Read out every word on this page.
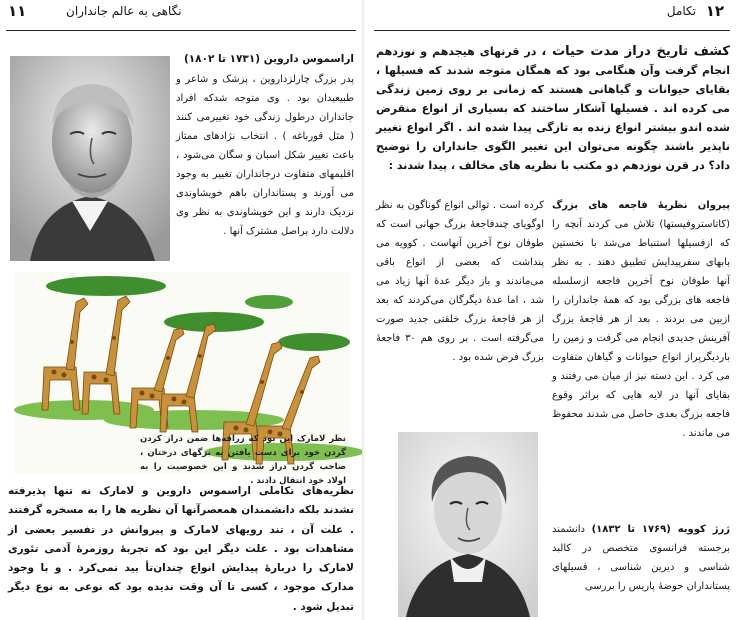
۱۱	نگاهی به عالم جانداران
اراسموس داروین (۱۷۳۱ تا ۱۸۰۲)
پدر بزرگ چارلزداروین ، پزشک و شاعر و طبیعیدان بود . وی متوجه شدکه افراد جانداران درطول زندگی خود تغییرمی کنند ( مثل قورباغه ) . انتخاب نژادهای ممتاز باعث تغییر شکل اسبان و سگان می‌شود ، اقلیمهای متفاوت درجانداران تغییر به وجود می آورند و پستانداران باهم خویشاوندی نزدیک دارند و این خویشاوندی به نظر وی دلالت دارد براصل مشترک آنها .
نظر لامارک این بود که زرافه‌ها ضمن دراز کردن گردن خود برای دست یافتن به برگهای درختان ، صاحب گردن دراز شدند و این خصوصیت را به اولاد خود انتقال دادند .
نظریه‌های تکاملی اراسموس داروین و لامارک نه تنها پذیرفته نشدند بلکه دانشمندان همعصرآنها آن نظریه ها را به مسخره گرفتند . علت آن ، تند رویهای لامارک و پیروانش در تفسیر بعضی از مشاهدات بود . علت دیگر این بود که تجربه‌ٔ روزمرهٔ آدمی تئوری لامارک را درباره‌ٔ پیدایش انواع چندان‌تأ بید نمی‌کرد . و با وجود مدارک موجود ، کسی تا آن وقت ندیده بود که نوعی به نوع دیگر تبدیل شود .
۱۲
تکامل
کشف تاریخ دراز مدت حیات ، در قرنهای هیجدهم و نوزدهم انجام گرفت وآن هنگامی بود که همگان متوجه شدند که فسیلها ، بقایای حیوانات و گیاهانی هستند که زمانی بر روی زمین زندگی می کرده اند . فسیلها آشکار ساختند که بسیاری از انواع منقرض شده اندو بیشتر انواع زنده به تازگی پیدا شده اند . اگر انواع تغییر ناپذیر باشند چگونه می‌توان این تغییر الگوی جانداران را توضیح داد؟ در قرن نوزدهم دو مکتب با نظریه های مخالف ، پیدا شدند :
پیروان نظریهٔ فاجعه های بزرگ (کاتاستروفیستها) تلاش می کردند آنچه را که ازفسیلها استنباط می‌شد با نخستین بابهای سفرپیدایش تطبیق دهند . به نظر آنها طوفان نوح آخرین فاجعه ازسلسله فاجعه های بزرگی بود که همهٔ جانداران را ازبین می بردند . بعد از هر فاجعهٔ بزرگ آفرینش جدیدی انجام می گرفت و زمین را باردیگرپراز انواع حیوانات و گیاهان متفاوت می کرد . این دسته نیز از میان می رفتند و بقایای آنها در لایه هایی که براثر وقوع فاجعه بزرگ بعدی حاصل می شدند محفوظ می ماندند .
کرده است . توالی انواع گوناگون به نظر اوگویای چندفاجعهٔ بزرگ جهانی است که طوفان نوح آخرین آنهاست . کوویه می پنداشت که بعضی از انواع باقی می‌ماندند و باز دیگر عدهٔ آنها زیاد می شد ، اما عدهٔ دیگرگان می‌کردند که بعد از هر فاجعهٔ بزرگ خلقتی جدید صورت می‌گرفته است . بر روی هم ۳۰ فاجعهٔ بزرگ فرض شده بود .
ژرژ کوویه (۱۷۶۹ تا ۱۸۳۲) دانشمند برجسته فرانسوی متخصص در کالبد شناسی و دیرین شناسی ، فسیلهای پستانداران حوضهٔ پاریس را بررسی
